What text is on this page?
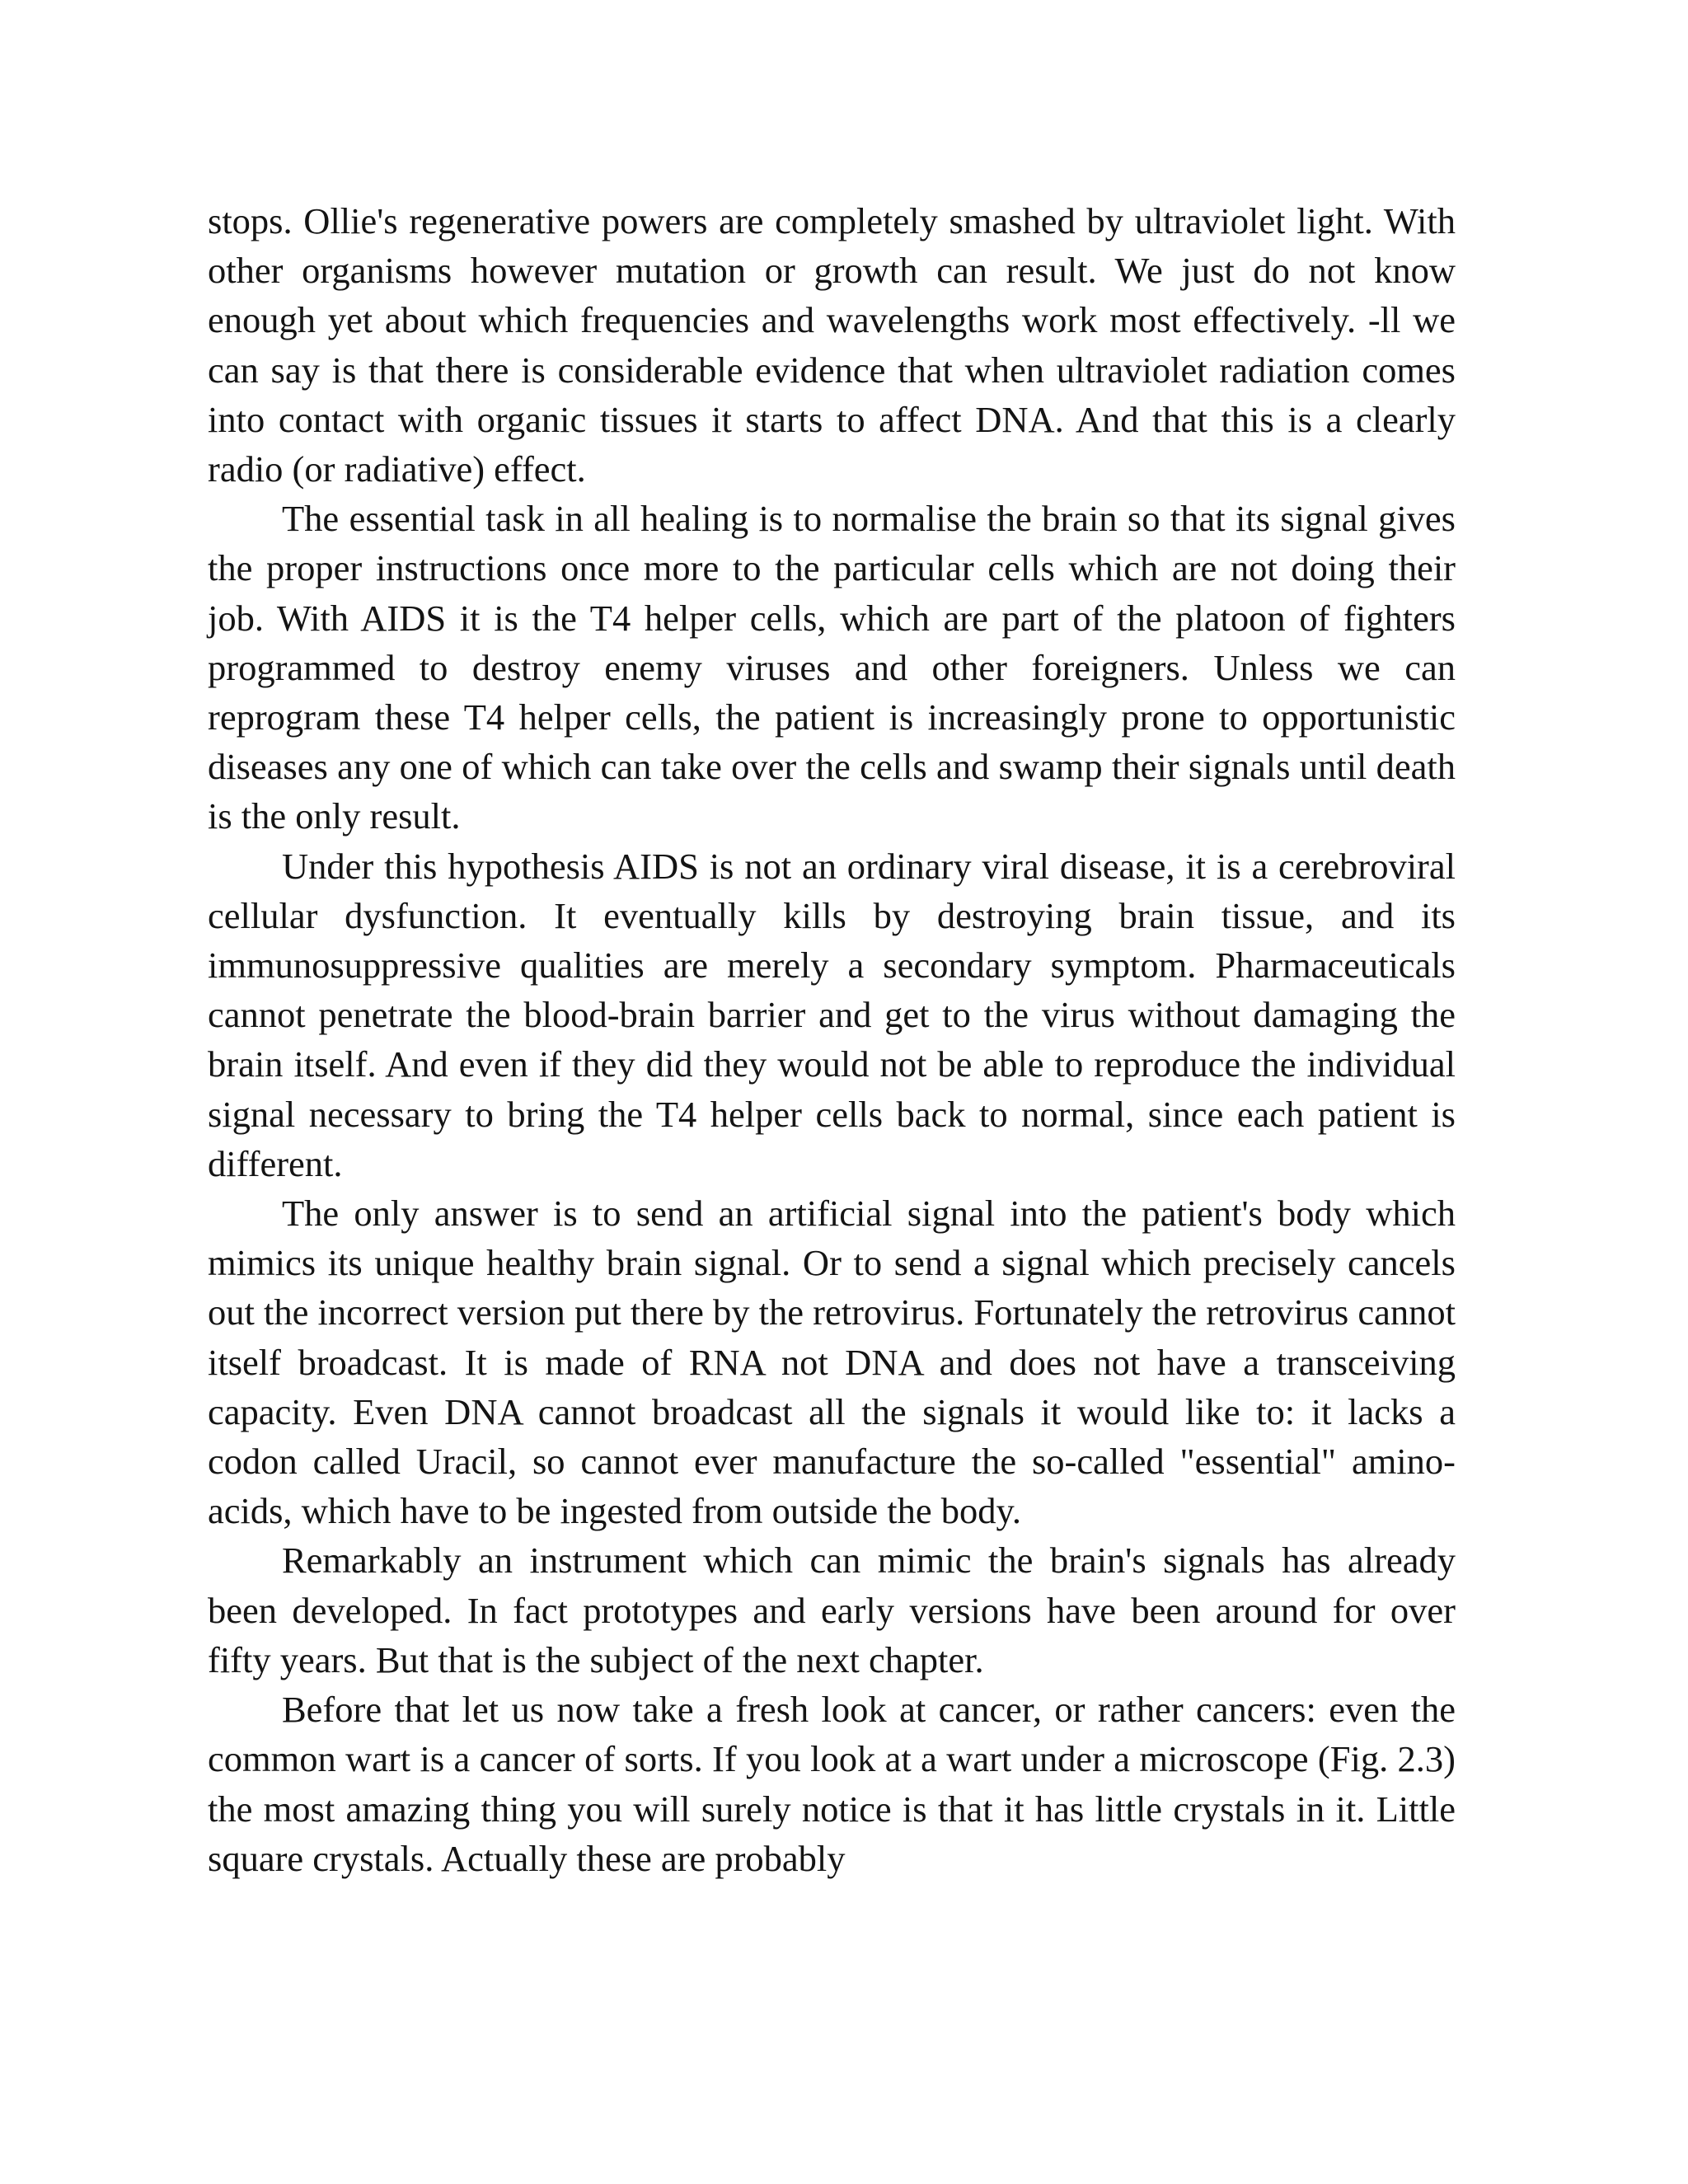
stops. Ollie's regenerative powers are completely smashed by ultraviolet light. With other organisms however mutation or growth can result. We just do not know enough yet about which frequencies and wavelengths work most effectively. -ll we can say is that there is considerable evidence that when ultraviolet radiation comes into contact with organic tissues it starts to affect DNA. And that this is a clearly radio (or radiative) effect.

The essential task in all healing is to normalise the brain so that its signal gives the proper instructions once more to the particular cells which are not doing their job. With AIDS it is the T4 helper cells, which are part of the platoon of fighters programmed to destroy enemy viruses and other foreigners. Unless we can reprogram these T4 helper cells, the patient is increasingly prone to opportunistic diseases any one of which can take over the cells and swamp their signals until death is the only result.

Under this hypothesis AIDS is not an ordinary viral disease, it is a cerebroviral cellular dysfunction. It eventually kills by destroying brain tissue, and its immunosuppressive qualities are merely a secondary symptom. Pharmaceuticals cannot penetrate the blood-brain barrier and get to the virus without damaging the brain itself. And even if they did they would not be able to reproduce the individual signal necessary to bring the T4 helper cells back to normal, since each patient is different.

The only answer is to send an artificial signal into the patient's body which mimics its unique healthy brain signal. Or to send a signal which precisely cancels out the incorrect version put there by the retrovirus. Fortunately the retrovirus cannot itself broadcast. It is made of RNA not DNA and does not have a transceiving capacity. Even DNA cannot broadcast all the signals it would like to: it lacks a codon called Uracil, so cannot ever manufacture the so-called "essential" amino-acids, which have to be ingested from outside the body.

Remarkably an instrument which can mimic the brain's signals has already been developed. In fact prototypes and early versions have been around for over fifty years. But that is the subject of the next chapter.

Before that let us now take a fresh look at cancer, or rather cancers: even the common wart is a cancer of sorts. If you look at a wart under a microscope (Fig. 2.3) the most amazing thing you will surely notice is that it has little crystals in it. Little square crystals. Actually these are probably
